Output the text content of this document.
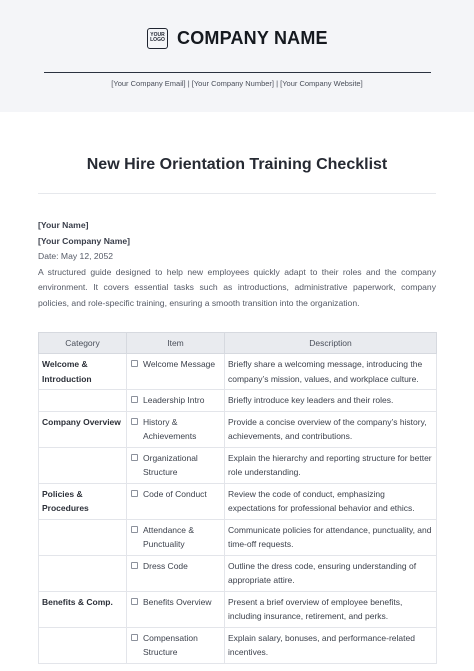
YOUR
LOGO COMPANY NAME
[Your Company Email] | [Your Company Number] | [Your Company Website]
New Hire Orientation Training Checklist
[Your Name]
[Your Company Name]
Date: May 12, 2052
A structured guide designed to help new employees quickly adapt to their roles and the company environment. It covers essential tasks such as introductions, administrative paperwork, company policies, and role-specific training, ensuring a smooth transition into the organization.
Category	Item	Description
Welcome & Introduction	Welcome Message	Briefly share a welcoming message, introducing the company’s mission, values, and workplace culture.

	Leadership Intro	Briefly introduce key leaders and their roles.
Company Overview	History & Achievements	Provide a concise overview of the company’s history, achievements, and contributions.

	Organizational Structure	Explain the hierarchy and reporting structure for better role understanding.
Policies & Procedures	Code of Conduct	Review the code of conduct, emphasizing expectations for professional behavior and ethics.

	Attendance & Punctuality	Communicate policies for attendance, punctuality, and time-off requests.

	Dress Code	Outline the dress code, ensuring understanding of appropriate attire.
Benefits & Comp.	Benefits Overview	Present a brief overview of employee benefits, including insurance, retirement, and perks.

	Compensation Structure	Explain salary, bonuses, and performance-related incentives.
